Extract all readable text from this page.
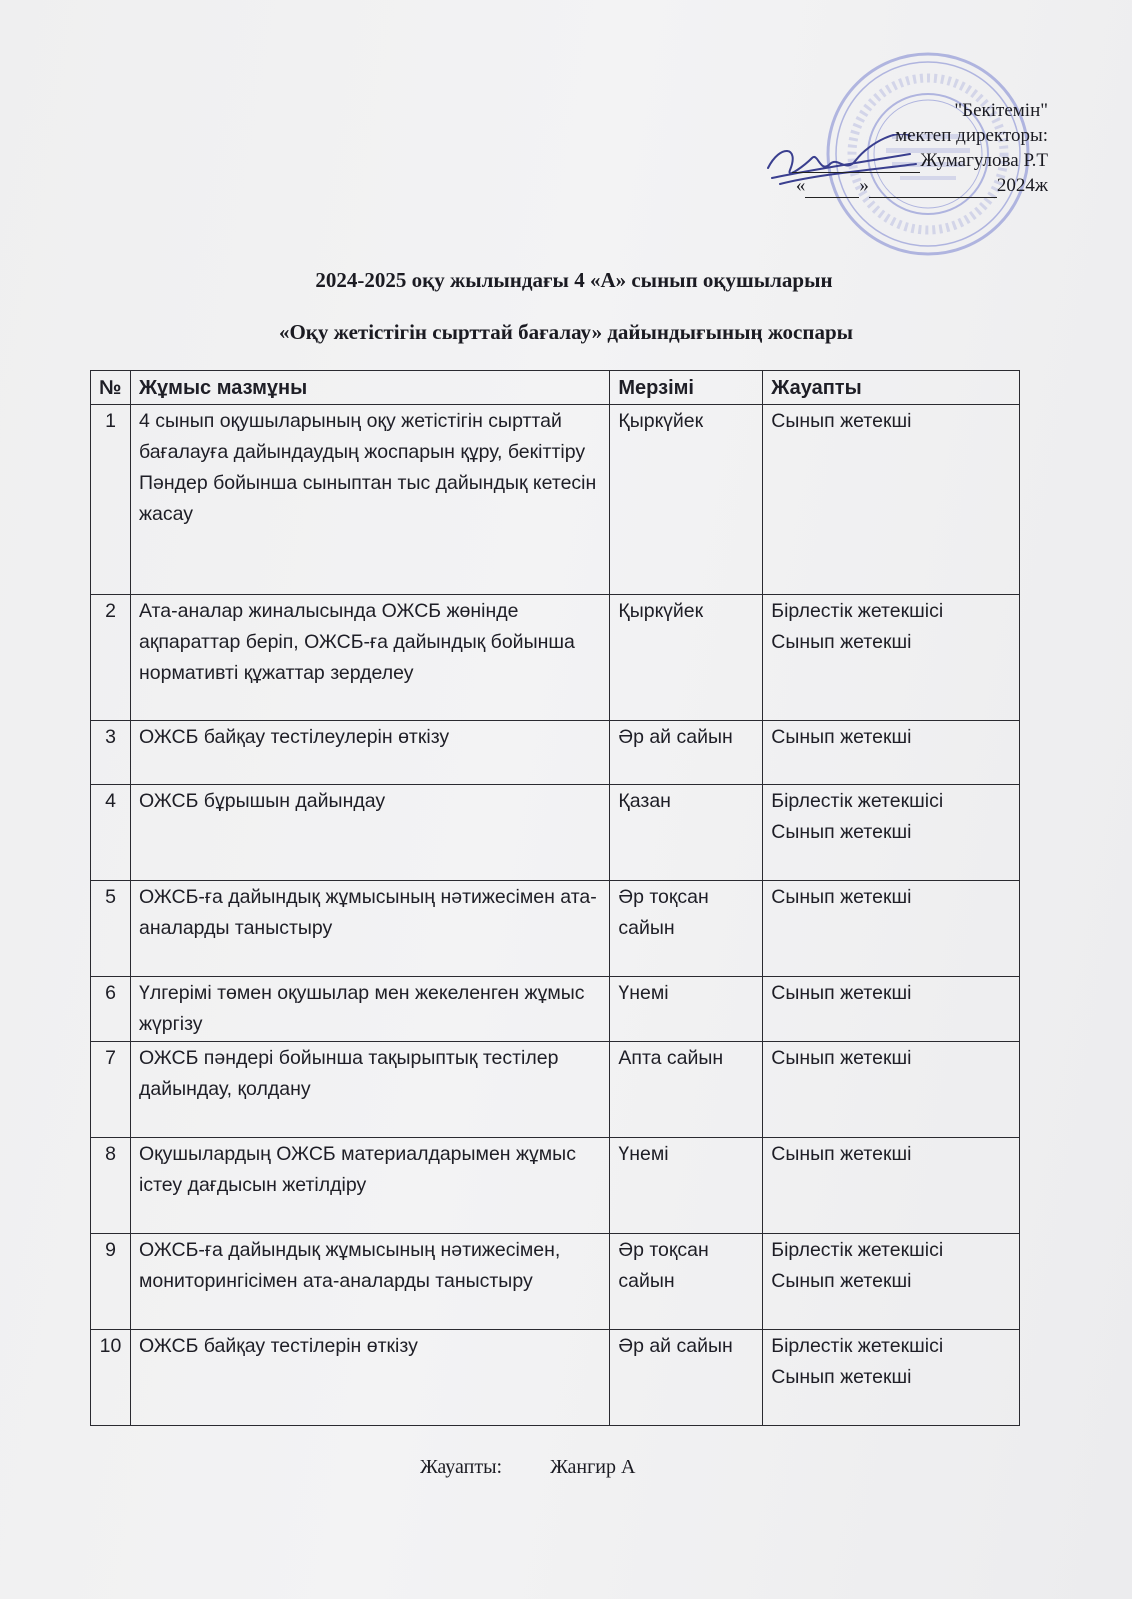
"Бекітемін"
мектеп директоры:
Жумагулова Р.Т
«	»	2024ж
2024-2025 оқу жылындағы 4 «А» сынып оқушыларын
«Оқу жетістігін сырттай бағалау» дайындығының жоспары
№	Жұмыс мазмұны	Мерзімі	Жауапты
1	4 сынып оқушыларының оқу жетістігін сырттай бағалауға дайындаудың жоспарын құру, бекіттіру Пәндер бойынша сыныптан тыс дайындық кетесін жасау	Қыркүйек	Сынып жетекші
2	Ата-аналар жиналысында ОЖСБ жөнінде ақпараттар беріп, ОЖСБ-ға дайындық бойынша нормативті құжаттар зерделеу	Қыркүйек	Бірлестік жетекшісі Сынып жетекші
3	ОЖСБ байқау тестілеулерін өткізу	Әр ай сайын	Сынып жетекші
4	ОЖСБ бұрышын дайындау	Қазан	Бірлестік жетекшісі Сынып жетекші
5	ОЖСБ-ға дайындық жұмысының нәтижесімен ата-аналарды таныстыру	Әр тоқсан сайын	Сынып жетекші
6	Үлгерімі төмен оқушылар мен жекеленген жұмыс жүргізу	Үнемі	Сынып жетекші
7	ОЖСБ пәндері бойынша тақырыптық тестілер дайындау, қолдану	Апта сайын	Сынып жетекші
8	Оқушылардың ОЖСБ материалдарымен жұмыс істеу дағдысын жетілдіру	Үнемі	Сынып жетекші
9	ОЖСБ-ға дайындық жұмысының нәтижесімен, мониторингісімен ата-аналарды таныстыру	Әр тоқсан сайын	Бірлестік жетекшісі Сынып жетекші
10	ОЖСБ байқау тестілерін өткізу	Әр ай сайын	Бірлестік жетекшісі Сынып жетекші
Жауапты: Жангир А
